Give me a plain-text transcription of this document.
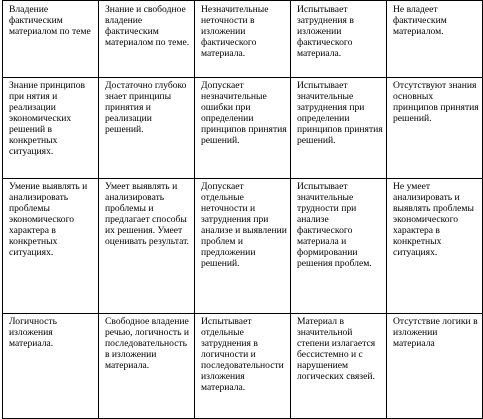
Владение фактическим материалом по теме	Знание и свободное владение фактическим материалом по теме.	Незначительные неточности в изложении фактического материала.	Испытывает затруднения в изложении фактического материала.	Не владеет фактическим материалом.
Знание принципов при нятия и реализации экономических решений в конкретных ситуациях.	Достаточно глубоко знает принципы принятия и реализации решений.	Допускает незначительные ошибки при определении принципов принятия решений.	Испытывает значительные затруднения при определении принципов принятия решений.	Отсутствуют знания основных принципов принятия решений.
Умение выявлять и анализировать проблемы экономического характера в конкретных ситуациях.	Умеет выявлять и анализировать проблемы и предлагает способы их решения. Умеет оценивать результат.	Допускает отдельные неточности и затруднения при анализе и выявлении проблем и предложении решений.	Испытывает значительные трудности при анализе фактического материала и формировании решения проблем.	Не умеет анализировать и выявлять проблемы экономического характера в конкретных ситуациях.
Логичность изложения материала.	Свободное владение речью, логичность и последовательность в изложении материала.	Испытывает отдельные затруднения в логичности и последовательности изложения материала.	Материал в значительной степени излагается бессистемно и с нарушением логических связей.	Отсутствие логики в изложении материала
